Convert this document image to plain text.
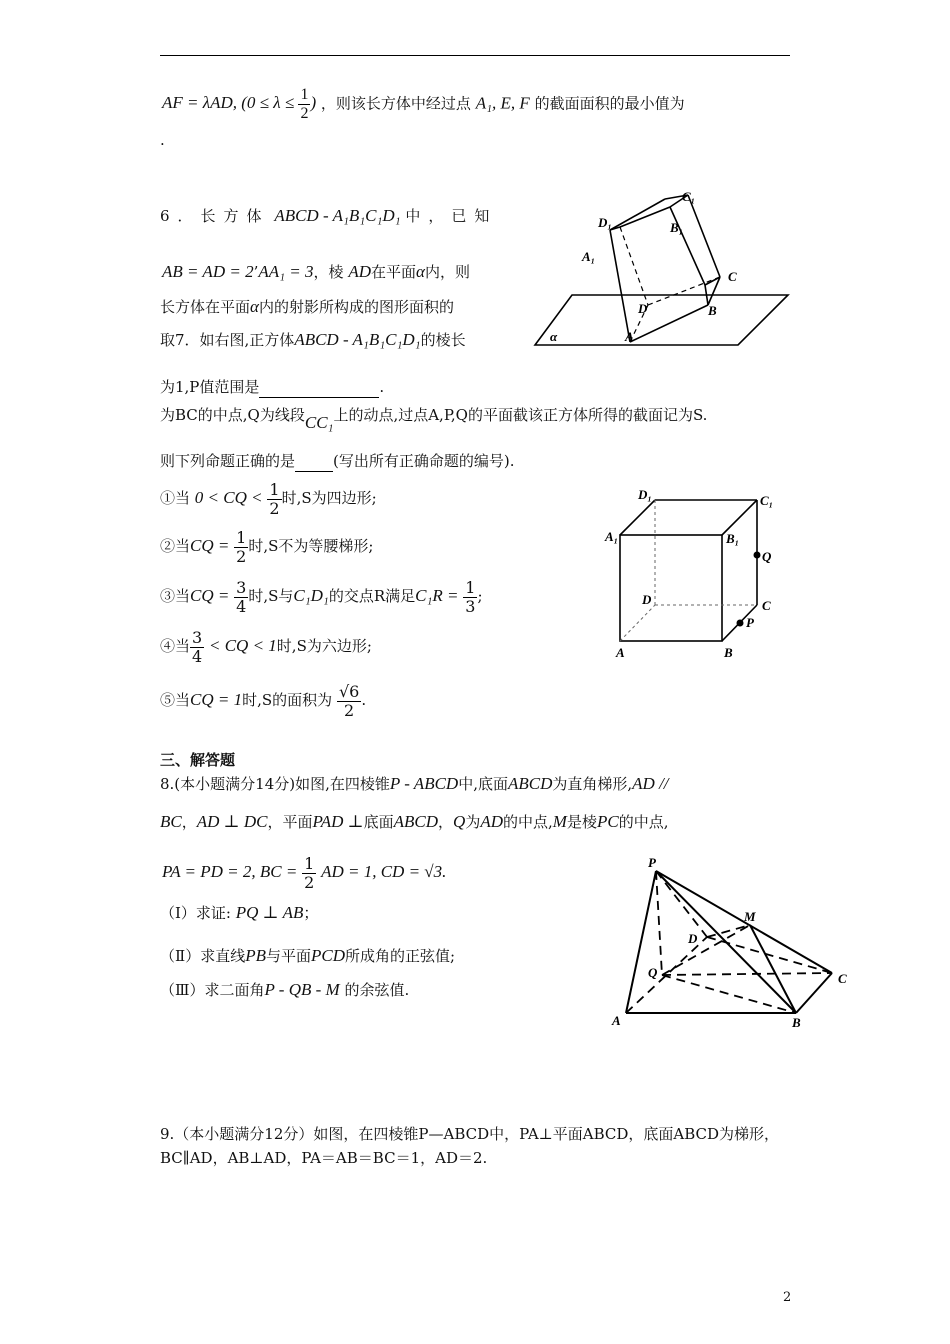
AF = λAD, ($0 \le \lambda \le \frac{1}{2}$ ) ，则该长方体中经过点 A₁, E, F 的截面面积的最小值为
.
6．长方体 ABCD - A₁B₁C₁D₁ 中，已知
AB = AD = 2’AA₁ = 3，棱 AD在平面α内，则
长方体在平面α内的射影所构成的图形面积的
取7．如右图,正方体ABCD - A₁B₁C₁D₁的棱长
为1,P值范围是	.
C₁
D₁	B₁
A₁
C
D	B
A
α
为BC的中点,Q为线段CC₁上的动点,过点A,P,Q的平面截该正方体所得的截面记为S.
则下列命题正确的是	(写出所有正确命题的编号).
①当 0 < CQ < $\frac{1}{2}$ 时,S为四边形;
②当CQ = $\frac{1}{2}$ 时,S不为等腰梯形;
③当CQ = $\frac{3}{4}$ 时,S与C₁D₁的交点R满足$C_1R = \frac{1}{3}$ ;
④当 $\frac{3}{4}$ < CQ < 1时,S为六边形;
⑤当CQ = 1时,S的面积为 $\frac{√6}{2}$ .
D₁	C₁
A₁	B₁
Q
D	C
P
A	B
三、解答题
8.(本小题满分14分)如图,在四棱锥P - ABCD中,底面ABCD为直角梯形,AD //
BC，AD ⊥ DC，平面PAD ⊥底面ABCD，Q为AD的中点,M是棱PC的中点,
PA = PD = 2, BC = $\frac{1}{2}$ AD = 1, CD = √3.
（Ⅰ）求证: PQ ⊥ AB；
（Ⅱ）求直线PB与平面PCD所成角的正弦值;
（Ⅲ）求二面角P - QB - M 的余弦值.
P
M
D
Q	C
A	B
9.（本小题满分12分）如图，在四棱锥P—ABCD中，PA⊥平面ABCD，底面ABCD为梯形，
BC∥AD，AB⊥AD，PA＝AB＝BC＝1，AD＝2.
2
